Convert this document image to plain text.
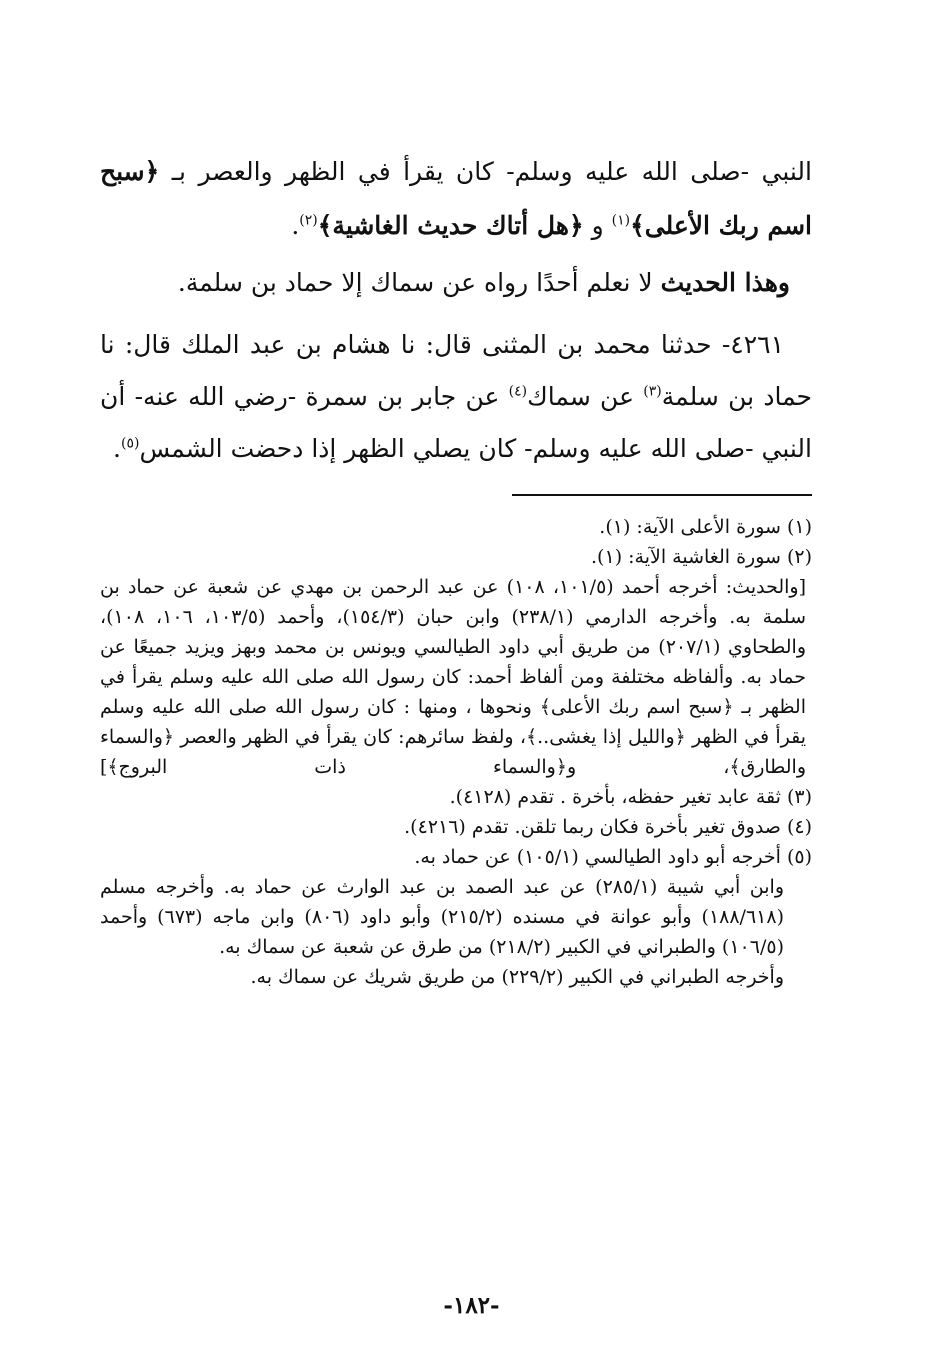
النبي -صلى الله عليه وسلم- كان يقرأ في الظهر والعصر بـ ﴿سبح اسم ربك الأعلى﴾$^{(١)}$ و ﴿هل أتاك حديث الغاشية﴾$^{(٢)}$.

وهذا الحديث لا نعلم أحدًا رواه عن سماك إلا حماد بن سلمة.

٤٢٦١- حدثنا محمد بن المثنى قال: نا هشام بن عبد الملك قال: نا حماد بن سلمة$^{(٣)}$ عن سماك$^{(٤)}$ عن جابر بن سمرة -رضي الله عنه- أن النبي -صلى الله عليه وسلم- كان يصلي الظهر إذا دحضت الشمس$^{(٥)}$.

(١)سورة الأعلى الآية: (١).

(٢)سورة الغاشية الآية: (١).

[والحديث: أخرجه أحمد (١٠١/٥، ١٠٨) عن عبد الرحمن بن مهدي عن شعبة عن حماد بن سلمة به. وأخرجه الدارمي (٢٣٨/١) وابن حبان (١٥٤/٣)، وأحمد (١٠٣/٥، ١٠٦، ١٠٨)، والطحاوي (٢٠٧/١) من طريق أبي داود الطيالسي ويونس بن محمد وبهز ويزيد جميعًا عن حماد به. وألفاظه مختلفة ومن ألفاظ أحمد: كان رسول الله صلى الله عليه وسلم يقرأ في الظهر بـ ﴿سبح اسم ربك الأعلى﴾ ونحوها ، ومنها : كان رسول الله صلى الله عليه وسلم يقرأ في الظهر ﴿والليل إذا يغشى..﴾، ولفظ سائرهم: كان يقرأ في الظهر والعصر ﴿والسماء والطارق﴾، و﴿والسماء ذات البروج﴾]

(٣)ثقة عابد تغير حفظه، بأخرة . تقدم (٤١٢٨).

(٤)صدوق تغير بأخرة فكان ربما تلقن. تقدم (٤٢١٦).

(٥)أخرجه أبو داود الطيالسي (١٠٥/١) عن حماد به.

وابن أبي شيبة (٢٨٥/١) عن عبد الصمد بن عبد الوارث عن حماد به. وأخرجه مسلم (١٨٨/٦١٨) وأبو عوانة في مسنده (٢١٥/٢) وأبو داود (٨٠٦) وابن ماجه (٦٧٣) وأحمد (١٠٦/٥) والطبراني في الكبير (٢١٨/٢) من طرق عن شعبة عن سماك به.

وأخرجه الطبراني في الكبير (٢٢٩/٢) من طريق شريك عن سماك به.

-١٨٢-
